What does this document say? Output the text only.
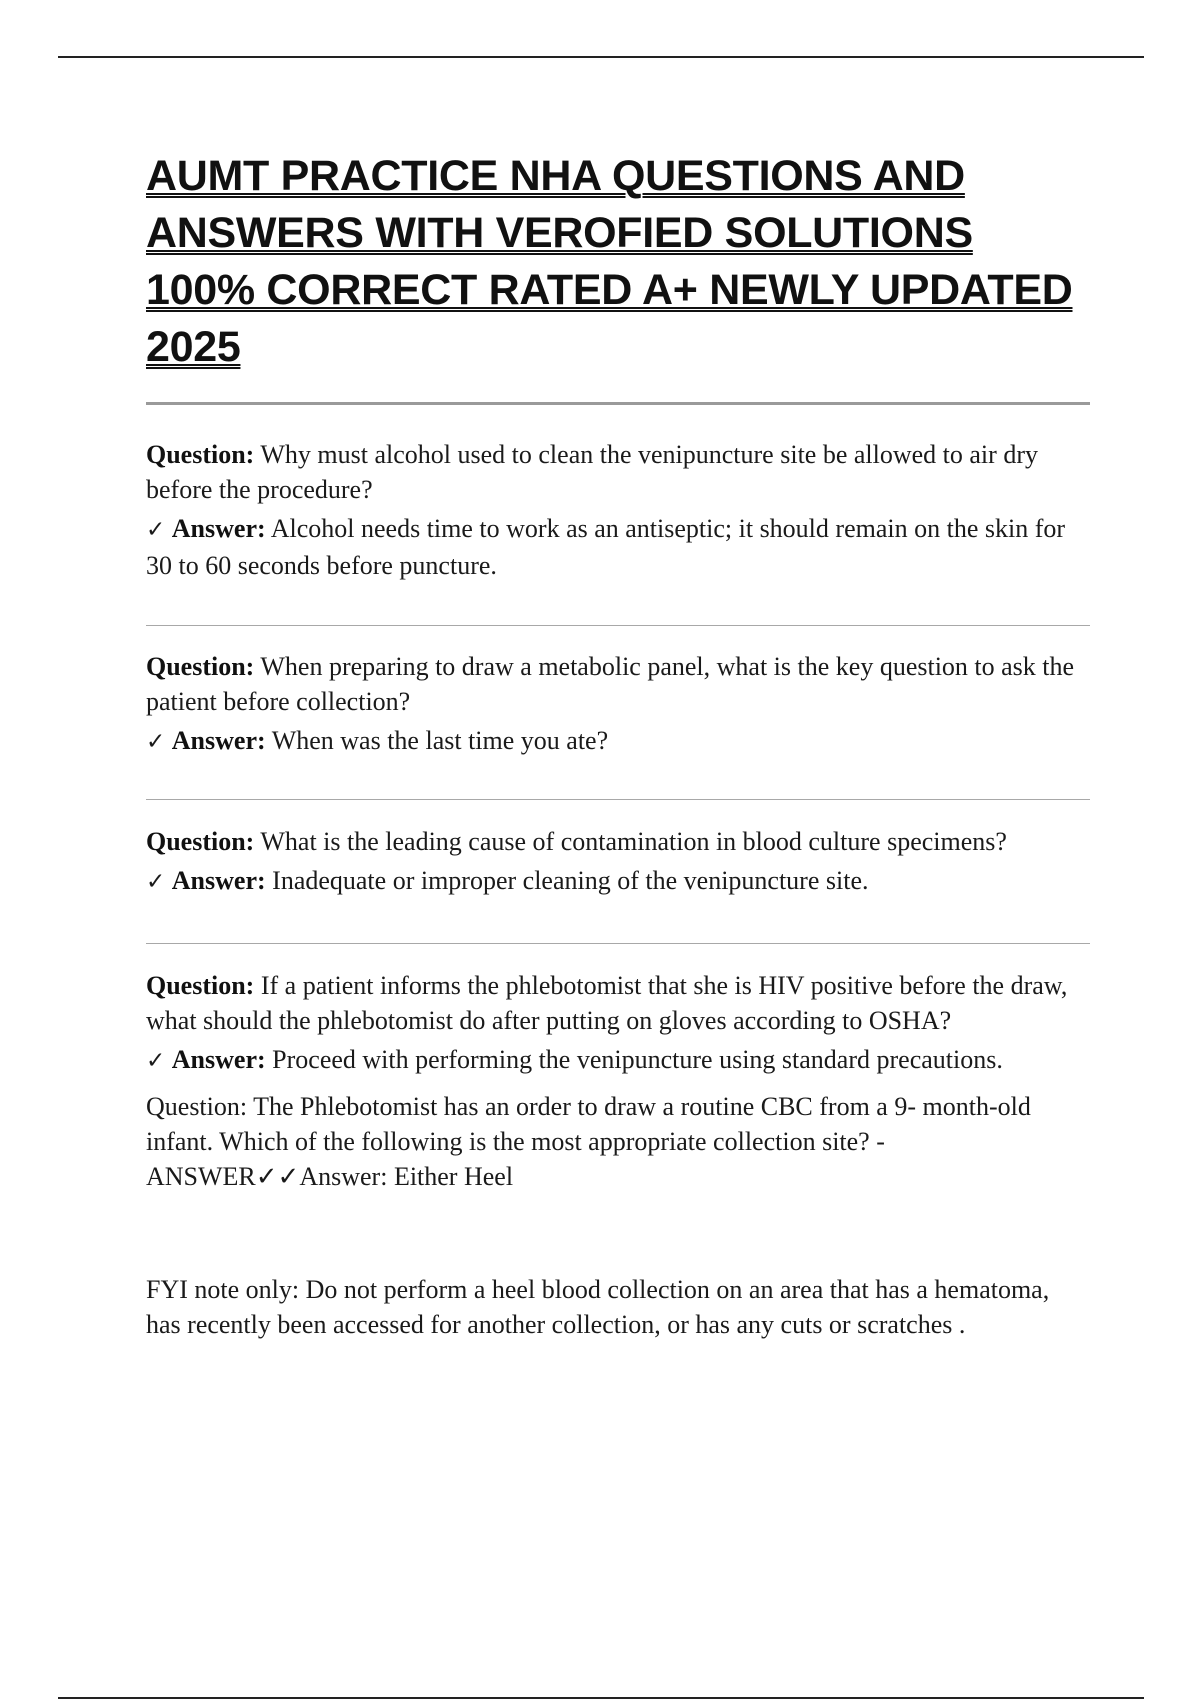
AUMT PRACTICE NHA QUESTIONS AND ANSWERS WITH VEROFIED SOLUTIONS 100% CORRECT RATED A+ NEWLY UPDATED 2025

Question: Why must alcohol used to clean the venipuncture site be allowed to air dry before the procedure?

✓ Answer: Alcohol needs time to work as an antiseptic; it should remain on the skin for 30 to 60 seconds before puncture.

Question: When preparing to draw a metabolic panel, what is the key question to ask the patient before collection?

✓ Answer: When was the last time you ate?

Question: What is the leading cause of contamination in blood culture specimens?

✓ Answer: Inadequate or improper cleaning of the venipuncture site.

Question: If a patient informs the phlebotomist that she is HIV positive before the draw, what should the phlebotomist do after putting on gloves according to OSHA?

✓ Answer: Proceed with performing the venipuncture using standard precautions.

Question: The Phlebotomist has an order to draw a routine CBC from a 9- month-old infant. Which of the following is the most appropriate collection site? - ANSWER✓✓Answer: Either Heel

FYI note only: Do not perform a heel blood collection on an area that has a hematoma, has recently been accessed for another collection, or has any cuts or scratches .
